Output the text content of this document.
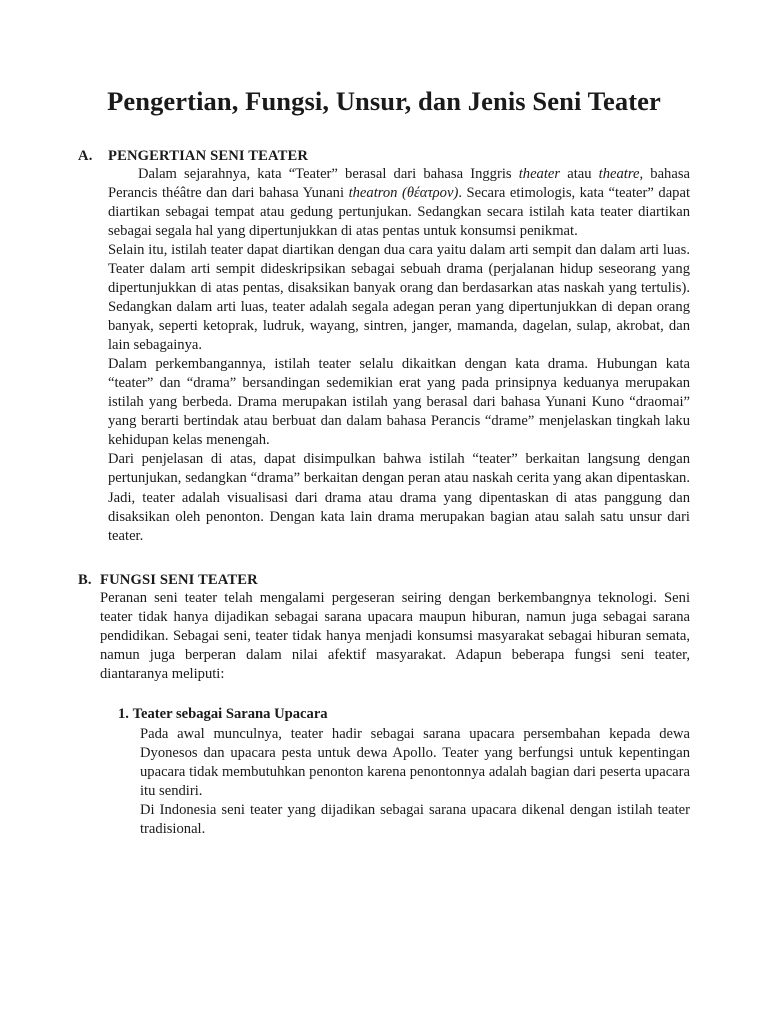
Pengertian, Fungsi, Unsur, dan Jenis Seni Teater
A.	PENGERTIAN SENI TEATER

Dalam sejarahnya, kata “Teater” berasal dari bahasa Inggris theater atau theatre, bahasa Perancis théâtre dan dari bahasa Yunani theatron (θέατρον). Secara etimologis, kata “teater” dapat diartikan sebagai tempat atau gedung pertunjukan. Sedangkan secara istilah kata teater diartikan sebagai segala hal yang dipertunjukkan di atas pentas untuk konsumsi penikmat.

Selain itu, istilah teater dapat diartikan dengan dua cara yaitu dalam arti sempit dan dalam arti luas. Teater dalam arti sempit dideskripsikan sebagai sebuah drama (perjalanan hidup seseorang yang dipertunjukkan di atas pentas, disaksikan banyak orang dan berdasarkan atas naskah yang tertulis). Sedangkan dalam arti luas, teater adalah segala adegan peran yang dipertunjukkan di depan orang banyak, seperti ketoprak, ludruk, wayang, sintren, janger, mamanda, dagelan, sulap, akrobat, dan lain sebagainya.

Dalam perkembangannya, istilah teater selalu dikaitkan dengan kata drama. Hubungan kata “teater” dan “drama” bersandingan sedemikian erat yang pada prinsipnya keduanya merupakan istilah yang berbeda. Drama merupakan istilah yang berasal dari bahasa Yunani Kuno “draomai” yang berarti bertindak atau berbuat dan dalam bahasa Perancis “drame” menjelaskan tingkah laku kehidupan kelas menengah.

Dari penjelasan di atas, dapat disimpulkan bahwa istilah “teater” berkaitan langsung dengan pertunjukan, sedangkan “drama” berkaitan dengan peran atau naskah cerita yang akan dipentaskan. Jadi, teater adalah visualisasi dari drama atau drama yang dipentaskan di atas panggung dan disaksikan oleh penonton. Dengan kata lain drama merupakan bagian atau salah satu unsur dari teater.

B. FUNGSI SENI TEATER

Peranan seni teater telah mengalami pergeseran seiring dengan berkembangnya teknologi. Seni teater tidak hanya dijadikan sebagai sarana upacara maupun hiburan, namun juga sebagai sarana pendidikan. Sebagai seni, teater tidak hanya menjadi konsumsi masyarakat sebagai hiburan semata, namun juga berperan dalam nilai afektif masyarakat. Adapun beberapa fungsi seni teater, diantaranya meliputi:

1. Teater sebagai Sarana Upacara

Pada awal munculnya, teater hadir sebagai sarana upacara persembahan kepada dewa Dyonesos dan upacara pesta untuk dewa Apollo. Teater yang berfungsi untuk kepentingan upacara tidak membutuhkan penonton karena penontonnya adalah bagian dari peserta upacara itu sendiri.

Di Indonesia seni teater yang dijadikan sebagai sarana upacara dikenal dengan istilah teater tradisional.
